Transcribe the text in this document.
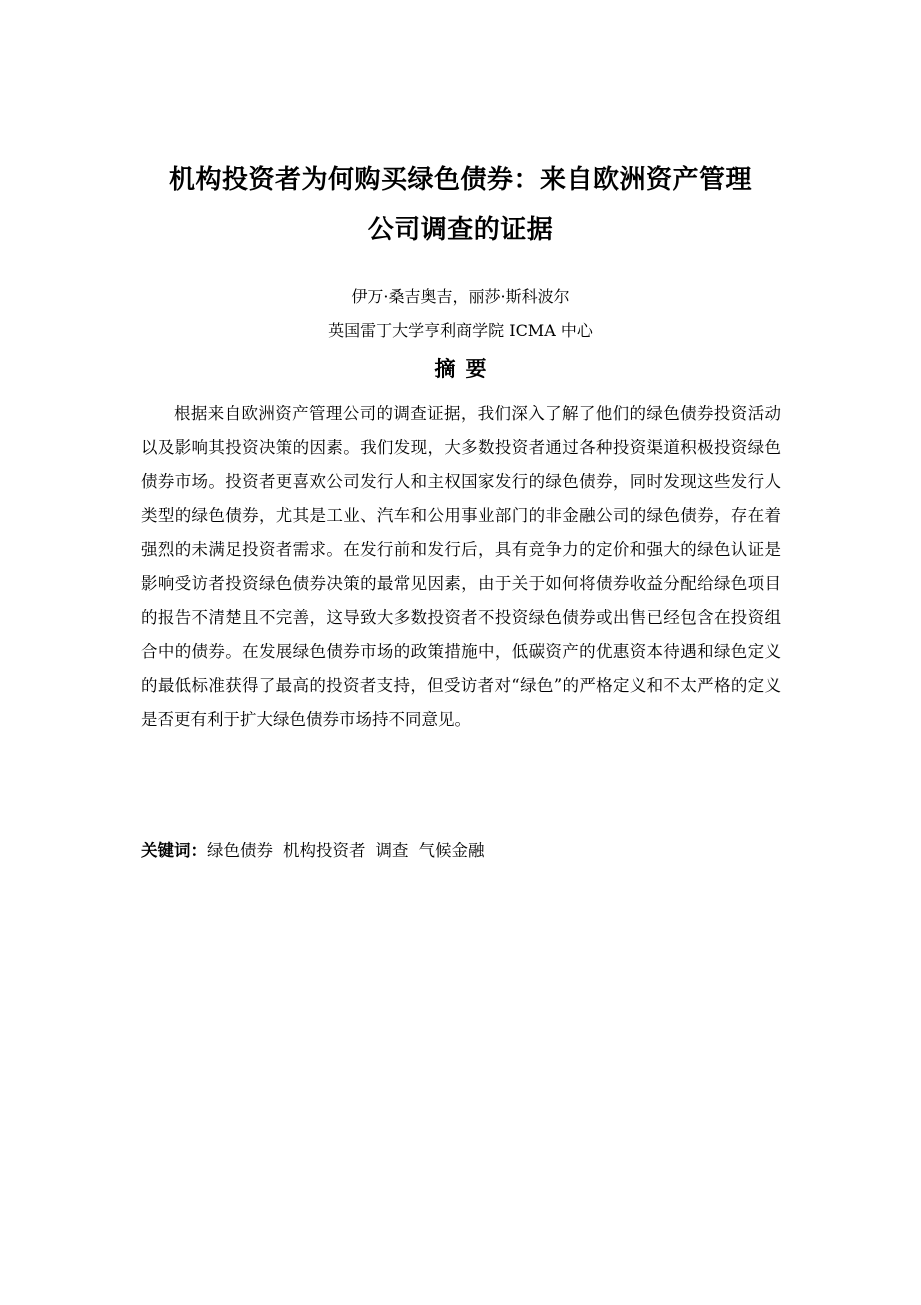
机构投资者为何购买绿色债券：来自欧洲资产管理
公司调查的证据
伊万·桑吉奥吉，丽莎·斯科波尔
英国雷丁大学亨利商学院 ICMA 中心
摘要

根据来自欧洲资产管理公司的调查证据，我们深入了解了他们的绿色债券投资活动以及影响其投资决策的因素。我们发现，大多数投资者通过各种投资渠道积极投资绿色债券市场。投资者更喜欢公司发行人和主权国家发行的绿色债券，同时发现这些发行人类型的绿色债券，尤其是工业、汽车和公用事业部门的非金融公司的绿色债券，存在着强烈的未满足投资者需求。在发行前和发行后，具有竞争力的定价和强大的绿色认证是影响受访者投资绿色债券决策的最常见因素，由于关于如何将债券收益分配给绿色项目的报告不清楚且不完善，这导致大多数投资者不投资绿色债券或出售已经包含在投资组合中的债券。在发展绿色债券市场的政策措施中，低碳资产的优惠资本待遇和绿色定义的最低标准获得了最高的投资者支持，但受访者对“绿色”的严格定义和不太严格的定义是否更有利于扩大绿色债券市场持不同意见。

关键词：绿色债券 机构投资者 调查 气候金融
